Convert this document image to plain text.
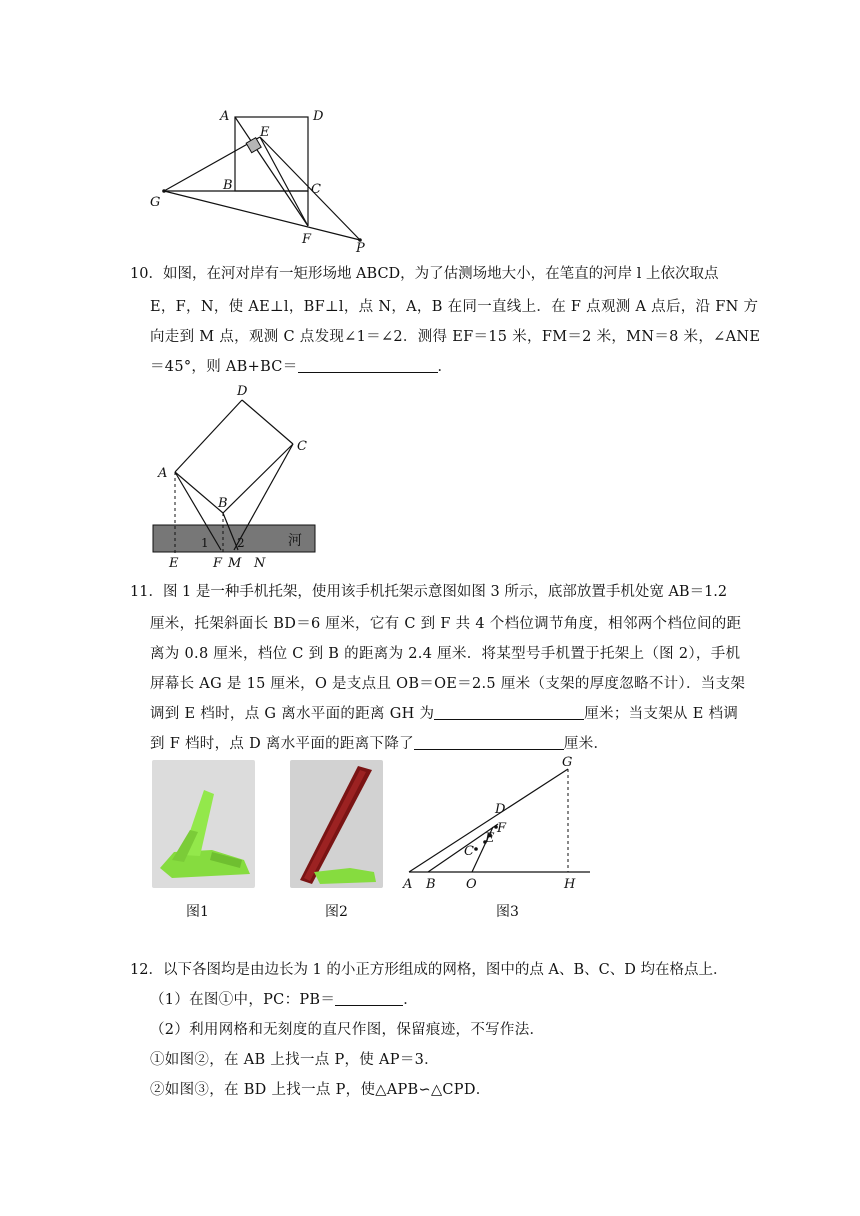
A	D
E
B	C
G
F
P
10．如图，在河对岸有一矩形场地 ABCD，为了估测场地大小，在笔直的河岸 l 上依次取点
E，F，N，使 AE⊥l，BF⊥l，点 N，A，B 在同一直线上．在 F 点观测 A 点后，沿 FN 方
向走到 M 点，观测 C 点发现∠1＝∠2．测得 EF＝15 米，FM＝2 米，MN＝8 米，∠ANE
＝45°，则 AB+BC＝	．
D
C
A
B
1 2	河
E	F M N
11．图 1 是一种手机托架，使用该手机托架示意图如图 3 所示，底部放置手机处宽 AB＝1.2
厘米，托架斜面长 BD＝6 厘米，它有 C 到 F 共 4 个档位调节角度，相邻两个档位间的距
离为 0.8 厘米，档位 C 到 B 的距离为 2.4 厘米．将某型号手机置于托架上（图 2），手机
屏幕长 AG 是 15 厘米，O 是支点且 OB＝OE＝2.5 厘米（支架的厚度忽略不计）．当支架
调到 E 档时，点 G 离水平面的距离 GH 为	厘米；当支架从 E 档调
到 F 档时，点 D 离水平面的距离下降了	厘米．
G
D
F
E
C
A B O	H
图1	图2	图3
12．以下各图均是由边长为 1 的小正方形组成的网格，图中的点 A、B、C、D 均在格点上．
（1）在图①中，PC：PB＝	．
（2）利用网格和无刻度的直尺作图，保留痕迹，不写作法．
①如图②，在 AB 上找一点 P，使 AP＝3．
②如图③，在 BD 上找一点 P，使△APB∽△CPD．
